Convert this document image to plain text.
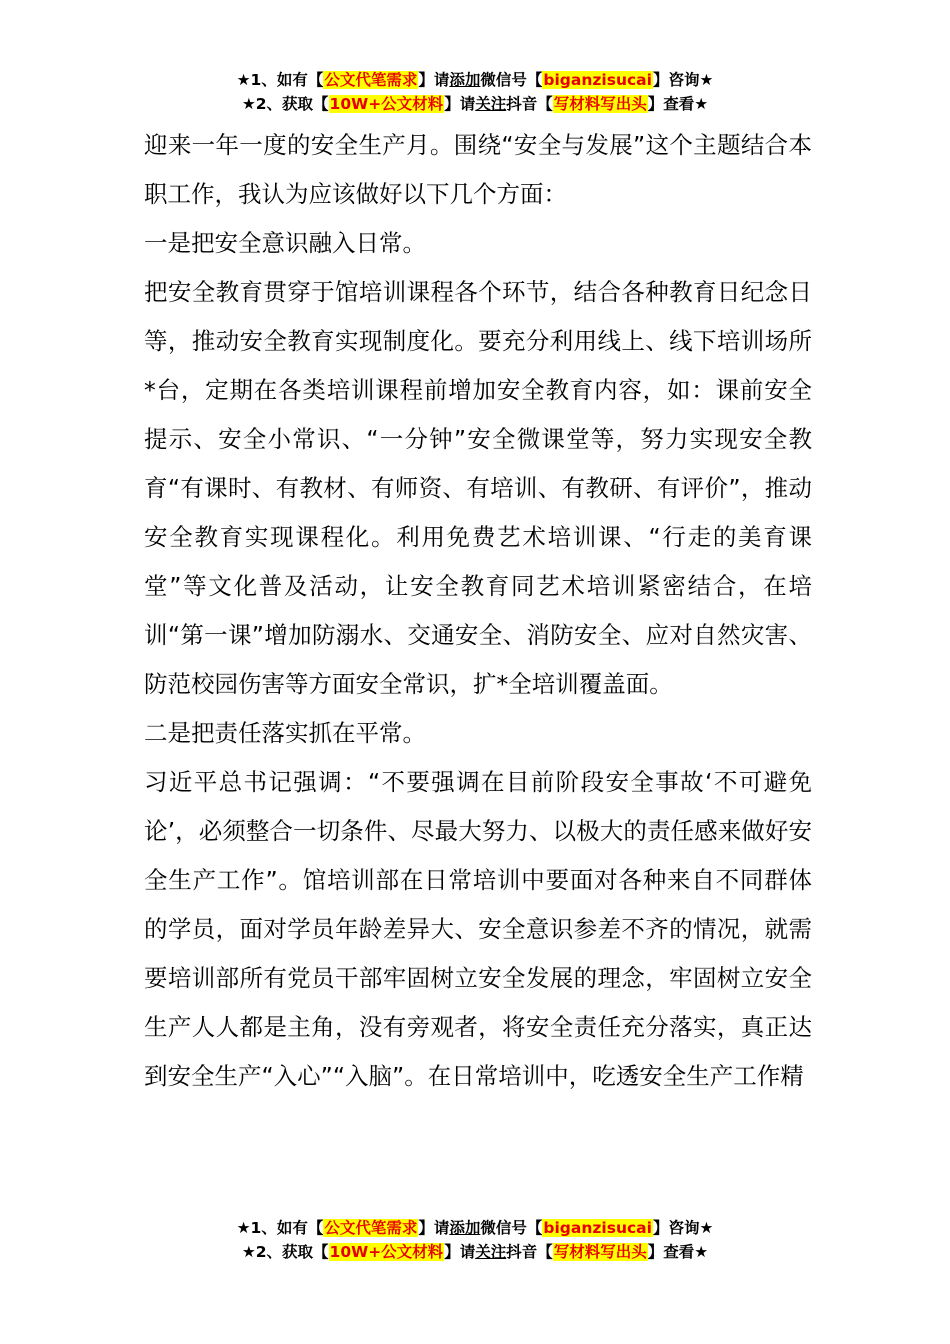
★1、如有【公文代笔需求】请添加微信号【biganzisucai】咨询★
★2、获取【10W+公文材料】请关注抖音【写材料写出头】查看★

迎来一年一度的安全生产月。围绕“安全与发展”这个主题结合本职工作，我认为应该做好以下几个方面：

一是把安全意识融入日常。

把安全教育贯穿于馆培训课程各个环节，结合各种教育日纪念日等，推动安全教育实现制度化。要充分利用线上、线下培训场所*台，定期在各类培训课程前增加安全教育内容，如：课前安全提示、安全小常识、“一分钟”安全微课堂等，努力实现安全教育“有课时、有教材、有师资、有培训、有教研、有评价”，推动安全教育实现课程化。利用免费艺术培训课、“行走的美育课堂”等文化普及活动，让安全教育同艺术培训紧密结合，在培训“第一课”增加防溺水、交通安全、消防安全、应对自然灾害、防范校园伤害等方面安全常识，扩*全培训覆盖面。

二是把责任落实抓在平常。

习近平总书记强调：“不要强调在目前阶段安全事故‘不可避免论’，必须整合一切条件、尽最大努力、以极大的责任感来做好安全生产工作”。馆培训部在日常培训中要面对各种来自不同群体的学员，面对学员年龄差异大、安全意识参差不齐的情况，就需要培训部所有党员干部牢固树立安全发展的理念，牢固树立安全生产人人都是主角，没有旁观者，将安全责任充分落实，真正达到安全生产“入心”“入脑”。在日常培训中，吃透安全生产工作精

★1、如有【公文代笔需求】请添加微信号【biganzisucai】咨询★
★2、获取【10W+公文材料】请关注抖音【写材料写出头】查看★
